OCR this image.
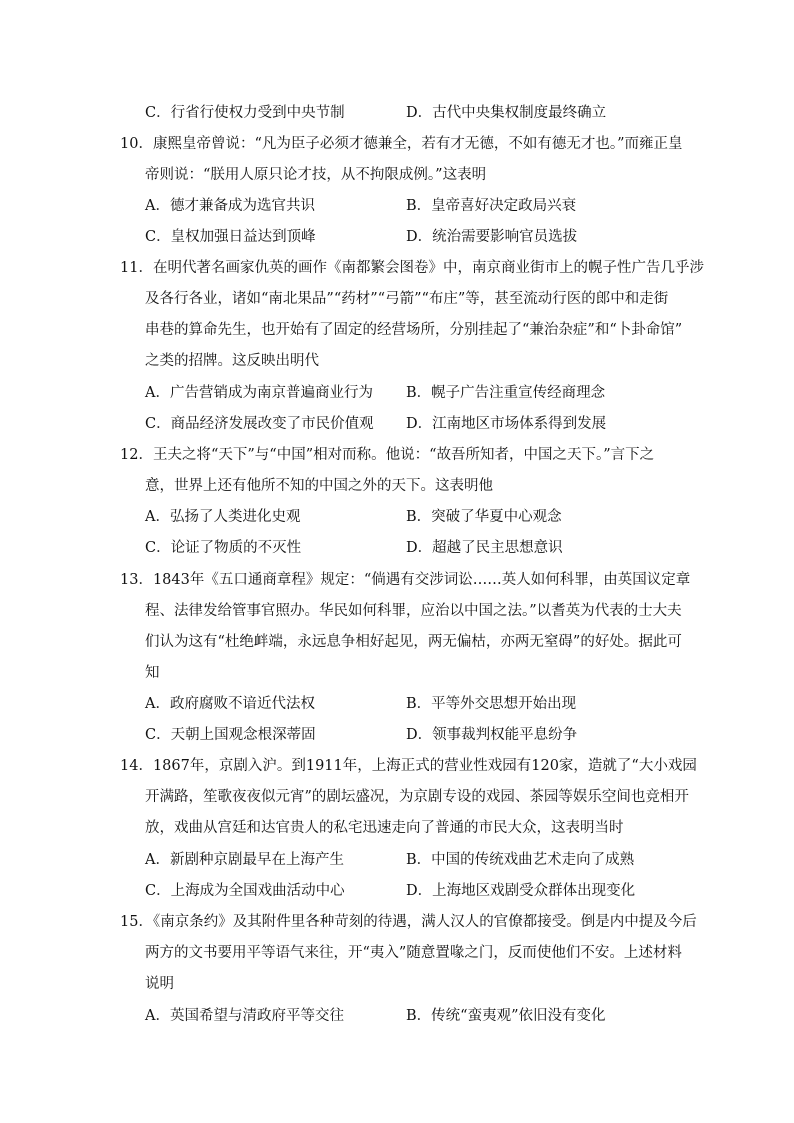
C．行省行使权力受到中央节制	D．古代中央集权制度最终确立
10．康熙皇帝曾说：“凡为臣子必须才德兼全，若有才无德，不如有德无才也。”而雍正皇
帝则说：“朕用人原只论才技，从不拘限成例。”这表明
A．德才兼备成为选官共识	B．皇帝喜好决定政局兴衰
C．皇权加强日益达到顶峰	D．统治需要影响官员选拔
11．在明代著名画家仇英的画作《南都繁会图卷》中，南京商业街市上的幌子性广告几乎涉
及各行各业，诸如“南北果品”“药材”“弓箭”“布庄”等，甚至流动行医的郎中和走街
串巷的算命先生，也开始有了固定的经营场所，分别挂起了“兼治杂症”和“卜卦命馆”
之类的招牌。这反映出明代
A．广告营销成为南京普遍商业行为 B．幌子广告注重宣传经商理念
C．商品经济发展改变了市民价值观 D．江南地区市场体系得到发展
12．王夫之将“天下”与“中国”相对而称。他说：“故吾所知者，中国之天下。”言下之
意，世界上还有他所不知的中国之外的天下。这表明他
A．弘扬了人类进化史观	B．突破了华夏中心观念
C．论证了物质的不灭性	D．超越了民主思想意识
13．1843年《五口通商章程》规定：“倘遇有交涉词讼……英人如何科罪，由英国议定章
程、法律发给管事官照办。华民如何科罪，应治以中国之法。”以耆英为代表的士大夫
们认为这有“杜绝衅端，永远息争相好起见，两无偏枯，亦两无窒碍”的好处。据此可
知
A．政府腐败不谙近代法权	B．平等外交思想开始出现
C．天朝上国观念根深蒂固	D．领事裁判权能平息纷争
14．1867年，京剧入沪。到1911年，上海正式的营业性戏园有120家，造就了“大小戏园
开满路，笙歌夜夜似元宵”的剧坛盛况，为京剧专设的戏园、茶园等娱乐空间也竞相开
放，戏曲从宫廷和达官贵人的私宅迅速走向了普通的市民大众，这表明当时
A．新剧种京剧最早在上海产生	B．中国的传统戏曲艺术走向了成熟
C．上海成为全国戏曲活动中心	D．上海地区戏剧受众群体出现变化
15．《南京条约》及其附件里各种苛刻的待遇，满人汉人的官僚都接受。倒是内中提及今后
两方的文书要用平等语气来往，开“夷入”随意置喙之门，反而使他们不安。上述材料
说明
A．英国希望与清政府平等交往	B．传统“蛮夷观”依旧没有变化
